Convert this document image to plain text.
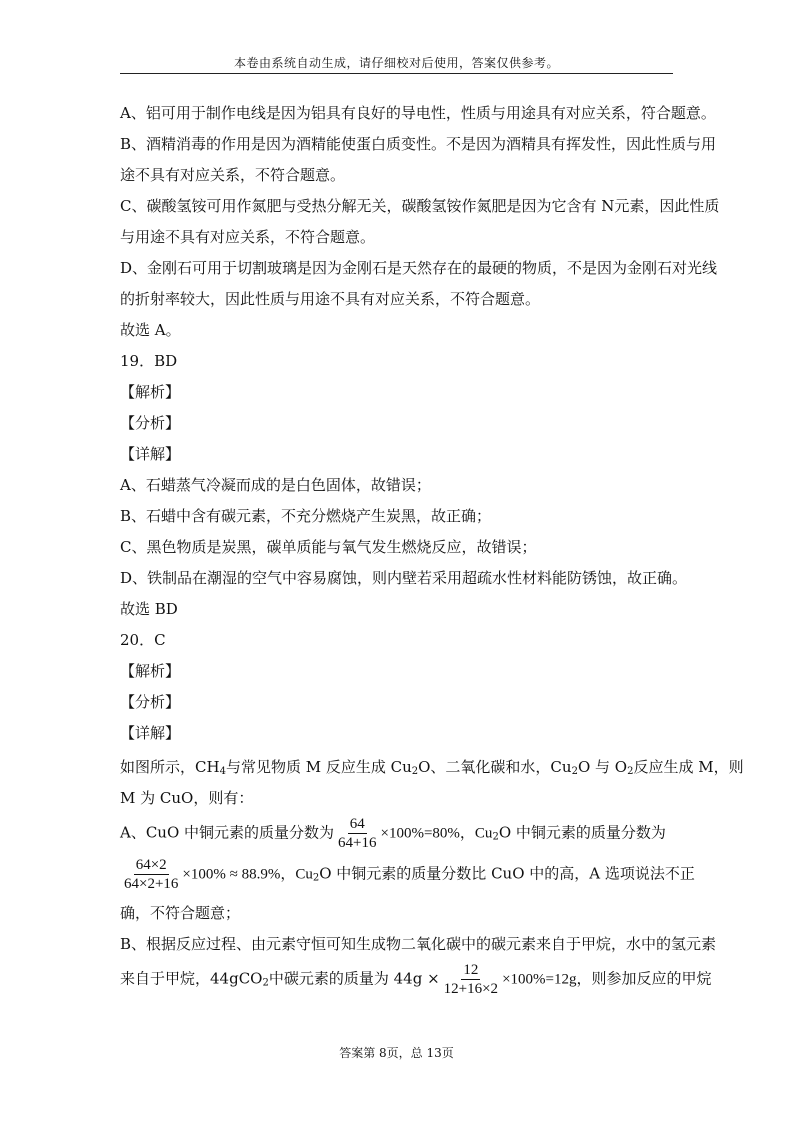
本卷由系统自动生成，请仔细校对后使用，答案仅供参考。
A、铝可用于制作电线是因为铝具有良好的导电性，性质与用途具有对应关系，符合题意。
B、酒精消毒的作用是因为酒精能使蛋白质变性。不是因为酒精具有挥发性，因此性质与用
途不具有对应关系，不符合题意。
C、碳酸氢铵可用作氮肥与受热分解无关，碳酸氢铵作氮肥是因为它含有 N元素，因此性质
与用途不具有对应关系，不符合题意。
D、金刚石可用于切割玻璃是因为金刚石是天然存在的最硬的物质，不是因为金刚石对光线
的折射率较大，因此性质与用途不具有对应关系，不符合题意。
故选 A。
19．BD
【解析】
【分析】
【详解】
A、石蜡蒸气冷凝而成的是白色固体，故错误；
B、石蜡中含有碳元素，不充分燃烧产生炭黑，故正确；
C、黑色物质是炭黑，碳单质能与氧气发生燃烧反应，故错误；
D、铁制品在潮湿的空气中容易腐蚀，则内壁若采用超疏水性材料能防锈蚀，故正确。
故选 BD
20．C
【解析】
【分析】
【详解】
如图所示，$CH_4$与常见物质 M 反应生成 $Cu_2O$、二氧化碳和水，$Cu_2O$ 与 $O_2$反应生成 M，则
M 为 CuO，则有：
A、CuO 中铜元素的质量分数为 $\frac{64}{64+16} \times 100\%=80\%$，$Cu_2O$ 中铜元素的质量分数为
$\frac{64\times 2}{64\times 2+16} \times 100\% \approx 88.9\%$，$Cu_2O$ 中铜元素的质量分数比 CuO 中的高，A 选项说法不正
确，不符合题意；
B、根据反应过程、由元素守恒可知生成物二氧化碳中的碳元素来自于甲烷，水中的氢元素
来自于甲烷，44gCO$_2$中碳元素的质量为 $44g \times \frac{12}{12+16\times 2} \times 100\%=12g$，则参加反应的甲烷
答案第 8页，总 13页
